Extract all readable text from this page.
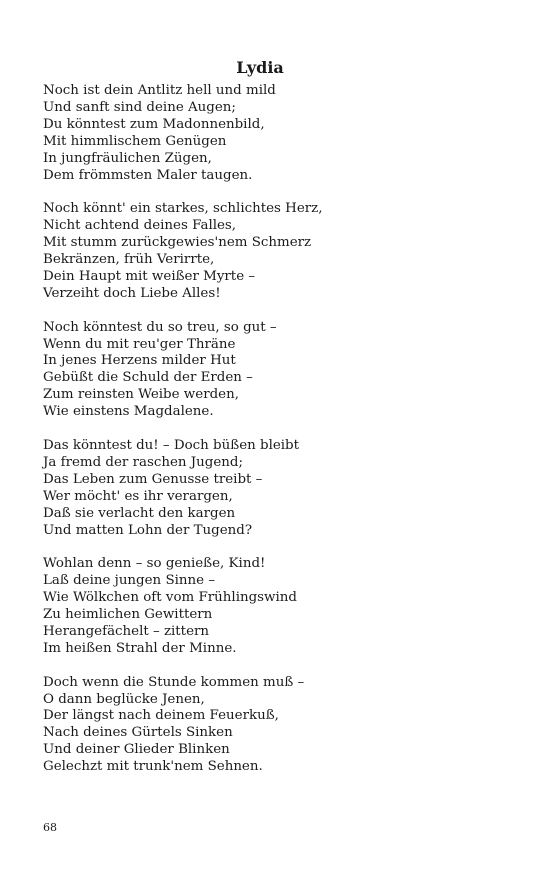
Lydia
Noch ist dein Antlitz hell und mild
Und sanft sind deine Augen;
Du könntest zum Madonnenbild,
Mit himmlischem Genügen
In jungfräulichen Zügen,
Dem frömmsten Maler taugen.
Noch könnt' ein starkes, schlichtes Herz,
Nicht achtend deines Falles,
Mit stumm zurückgewies'nem Schmerz
Bekränzen, früh Verirrte,
Dein Haupt mit weißer Myrte –
Verzeiht doch Liebe Alles!
Noch könntest du so treu, so gut –
Wenn du mit reu'ger Thräne
In jenes Herzens milder Hut
Gebüßt die Schuld der Erden –
Zum reinsten Weibe werden,
Wie einstens Magdalene.
Das könntest du! – Doch büßen bleibt
Ja fremd der raschen Jugend;
Das Leben zum Genusse treibt –
Wer möcht' es ihr verargen,
Daß sie verlacht den kargen
Und matten Lohn der Tugend?
Wohlan denn – so genieße, Kind!
Laß deine jungen Sinne –
Wie Wölkchen oft vom Frühlingswind
Zu heimlichen Gewittern
Herangefächelt – zittern
Im heißen Strahl der Minne.
Doch wenn die Stunde kommen muß –
O dann beglücke Jenen,
Der längst nach deinem Feuerkuß,
Nach deines Gürtels Sinken
Und deiner Glieder Blinken
Gelechzt mit trunk'nem Sehnen.
68
